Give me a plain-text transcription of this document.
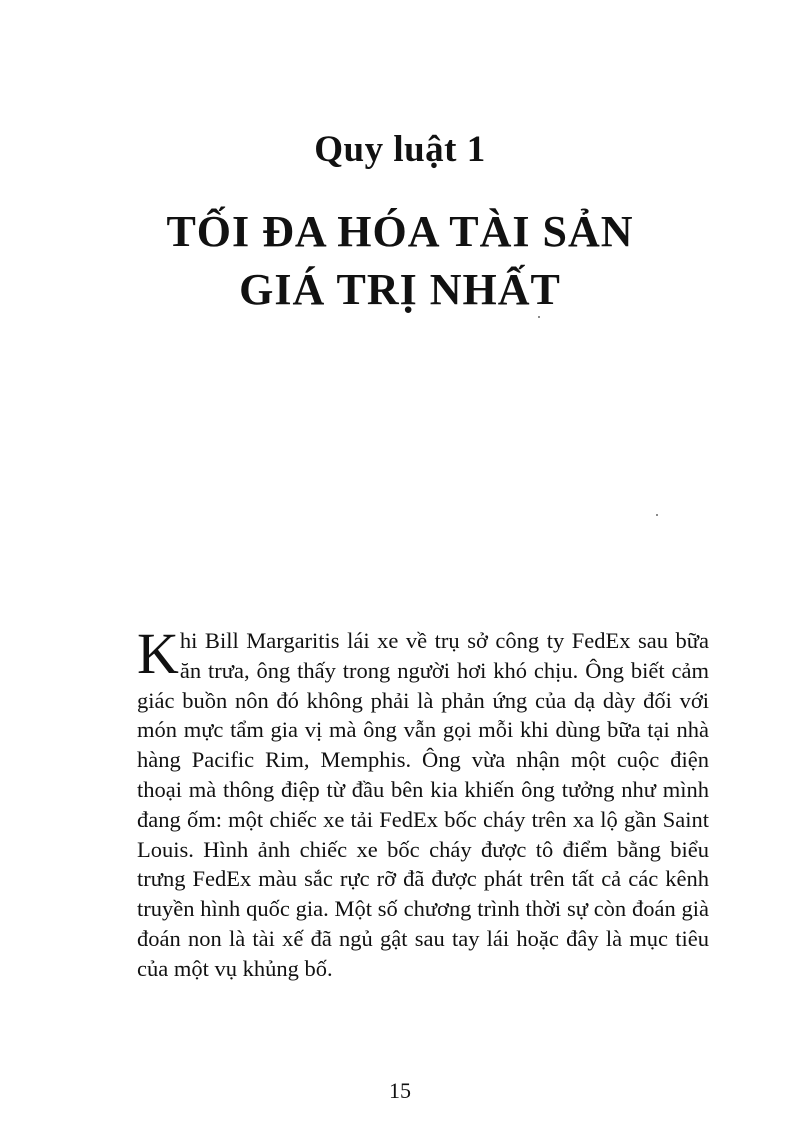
Quy luật 1
TỐI ĐA HÓA TÀI SẢN
GIÁ TRỊ NHẤT
Khi Bill Margaritis lái xe về trụ sở công ty FedEx sau bữa ăn trưa, ông thấy trong người hơi khó chịu. Ông biết cảm giác buồn nôn đó không phải là phản ứng của dạ dày đối với món mực tẩm gia vị mà ông vẫn gọi mỗi khi dùng bữa tại nhà hàng Pacific Rim, Memphis. Ông vừa nhận một cuộc điện thoại mà thông điệp từ đầu bên kia khiến ông tưởng như mình đang ốm: một chiếc xe tải FedEx bốc cháy trên xa lộ gần Saint Louis. Hình ảnh chiếc xe bốc cháy được tô điểm bằng biểu trưng FedEx màu sắc rực rỡ đã được phát trên tất cả các kênh truyền hình quốc gia. Một số chương trình thời sự còn đoán già đoán non là tài xế đã ngủ gật sau tay lái hoặc đây là mục tiêu của một vụ khủng bố.
15
